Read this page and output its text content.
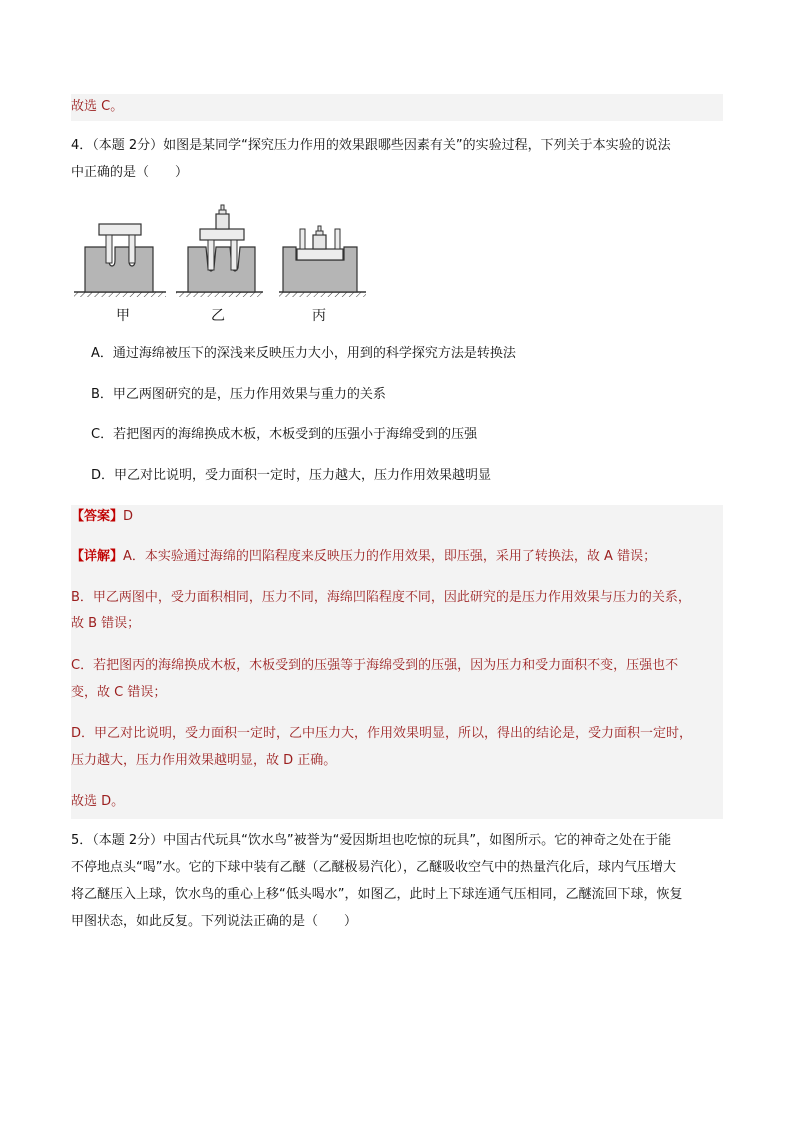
故选 C。
4．（本题 2分）如图是某同学“探究压力作用的效果跟哪些因素有关”的实验过程，下列关于本实验的说法
中正确的是（　　）
甲	乙	丙
A．通过海绵被压下的深浅来反映压力大小，用到的科学探究方法是转换法
B．甲乙两图研究的是，压力作用效果与重力的关系
C．若把图丙的海绵换成木板，木板受到的压强小于海绵受到的压强
D．甲乙对比说明，受力面积一定时，压力越大，压力作用效果越明显
【答案】D
【详解】A．本实验通过海绵的凹陷程度来反映压力的作用效果，即压强，采用了转换法，故 A 错误；
B．甲乙两图中，受力面积相同，压力不同，海绵凹陷程度不同，因此研究的是压力作用效果与压力的关系，
故 B 错误；
C．若把图丙的海绵换成木板，木板受到的压强等于海绵受到的压强，因为压力和受力面积不变，压强也不
变，故 C 错误；
D．甲乙对比说明，受力面积一定时，乙中压力大，作用效果明显，所以，得出的结论是，受力面积一定时，
压力越大，压力作用效果越明显，故 D 正确。
故选 D。
5．（本题 2分）中国古代玩具“饮水鸟”被誉为“爱因斯坦也吃惊的玩具”，如图所示。它的神奇之处在于能
不停地点头“喝”水。它的下球中装有乙醚（乙醚极易汽化），乙醚吸收空气中的热量汽化后，球内气压增大
将乙醚压入上球，饮水鸟的重心上移“低头喝水”，如图乙，此时上下球连通气压相同，乙醚流回下球，恢复
甲图状态，如此反复。下列说法正确的是（　　）
